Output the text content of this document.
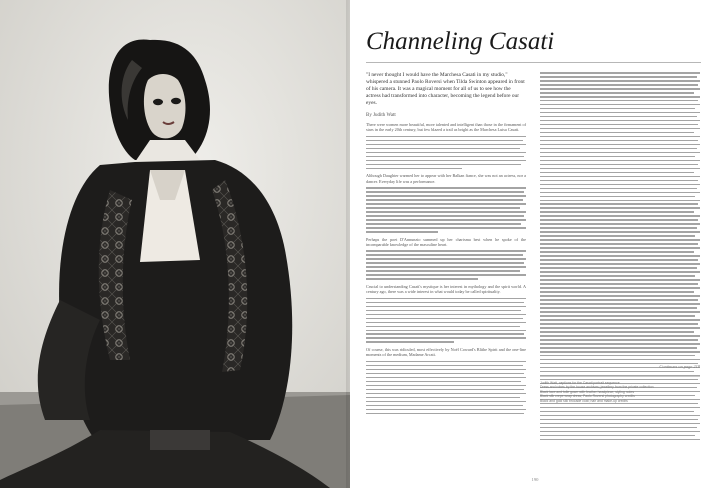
Channeling Casati

"I never thought I would have the Marchesa Casati in my studio," whispered a stunned Paolo Roversi when Tilda Swinton appeared in front of his camera. It was a magical moment for all of us to see how the actress had transformed into character, becoming the legend before our eyes.

By Judith Watt

There were women more beautiful, more talented and intelligent than those in the firmament of stars in the early 20th century, but few blazed a trail as bright as the Marchesa Luisa Casati.

Although Daughter warmed her to appear with her Balkan fiance, she was not an actress, nor a dancer. Everyday life was a performance.

Perhaps the poet D'Annunzio summed up her charisma best when he spoke of the incomparable knowledge of the masculine heart.

Crucial to understanding Casati's mystique is her interest in mythology and the spirit world. A century ago, there was a wide interest in what would today be called spirituality.

Of course, this was ridiculed, most effectively by Noël Coward's Blithe Spirit and the one-line moments of the medium, Madame Arcati.

Continues on page 218

Judith Watt, captions for the Casati portrait sequence

Dress and robes by the house archives; jewellery from the private collection

Black lace and tulle gown with feather headpiece; styling notes

Black silk crepe wrap dress; Paolo Roversi photography credits

Black and gold silk brocade coat; hair and make-up credits

190
